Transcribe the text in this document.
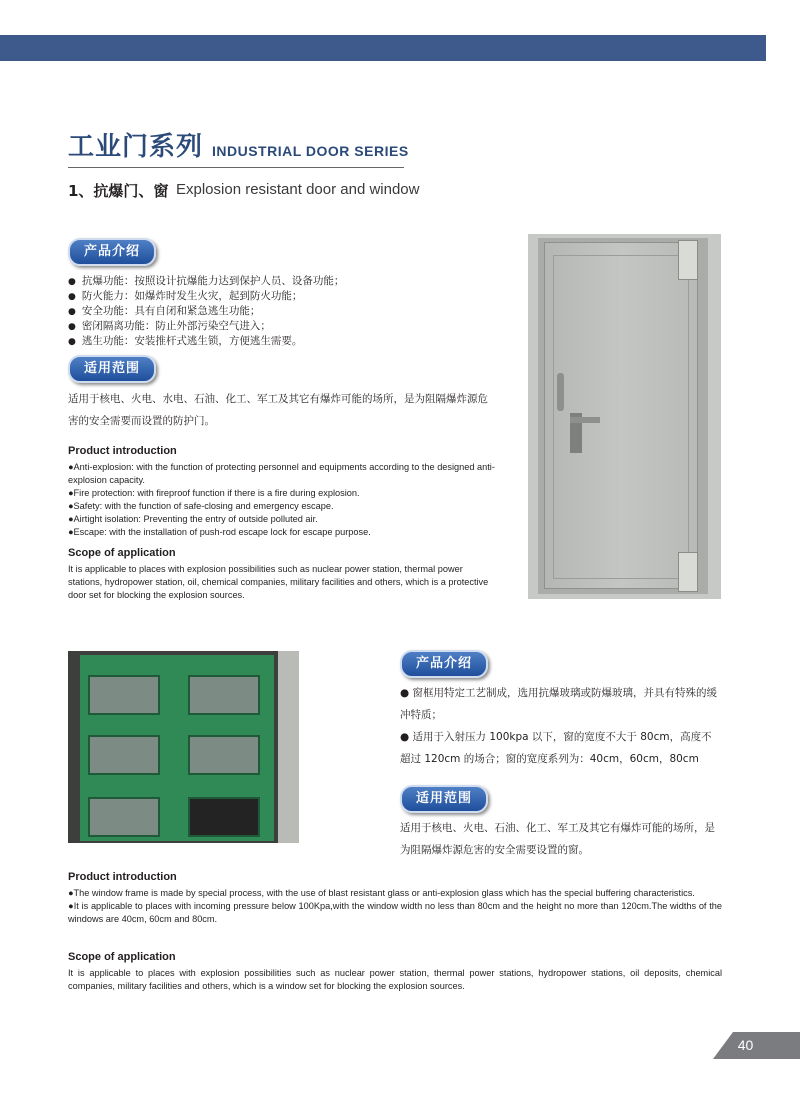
工业门系列 INDUSTRIAL DOOR SERIES
1、抗爆门、窗 Explosion resistant door and window
产品介绍
● 抗爆功能：按照设计抗爆能力达到保护人员、设备功能；
● 防火能力：如爆炸时发生火灾，起到防火功能；
● 安全功能：具有自闭和紧急逃生功能；
● 密闭隔离功能：防止外部污染空气进入；
● 逃生功能：安装推杆式逃生锁，方便逃生需要。
适用范围
适用于核电、火电、水电、石油、化工、军工及其它有爆炸可能的场所，是为阻隔爆炸源危害的安全需要而设置的防护门。
Product introduction

●Anti-explosion: with the function of protecting personnel and equipments according to the designed anti-explosion capacity.

●Fire protection: with fireproof function if there is a fire during explosion.

●Safety: with the function of safe-closing and emergency escape.

●Airtight isolation: Preventing the entry of outside polluted air.

●Escape: with the installation of push-rod escape lock for escape purpose.

Scope of application
It is applicable to places with explosion possibilities such as nuclear power station, thermal power stations, hydropower station, oil, chemical companies, military facilities and others, which is a protective door set for blocking the explosion sources.
产品介绍
● 窗框用特定工艺制成，选用抗爆玻璃或防爆玻璃，并具有特殊的缓冲特质；
● 适用于入射压力 100kpa 以下，窗的宽度不大于 80cm，高度不超过 120cm 的场合；窗的宽度系列为：40cm，60cm，80cm
适用范围
适用于核电、火电、石油、化工、军工及其它有爆炸可能的场所，是为阻隔爆炸源危害的安全需要设置的窗。
Product introduction

●The window frame is made by special process, with the use of blast resistant glass or anti-explosion glass which has the special buffering characteristics.

●It is applicable to places with incoming pressure below 100Kpa,with the window width no less than 80cm and the height no more than 120cm.The widths of the windows are 40cm, 60cm and 80cm.

Scope of application
It is applicable to places with explosion possibilities such as nuclear power station, thermal power stations, hydropower stations, oil deposits, chemical companies, military facilities and others, which is a window set for blocking the explosion sources.
40
